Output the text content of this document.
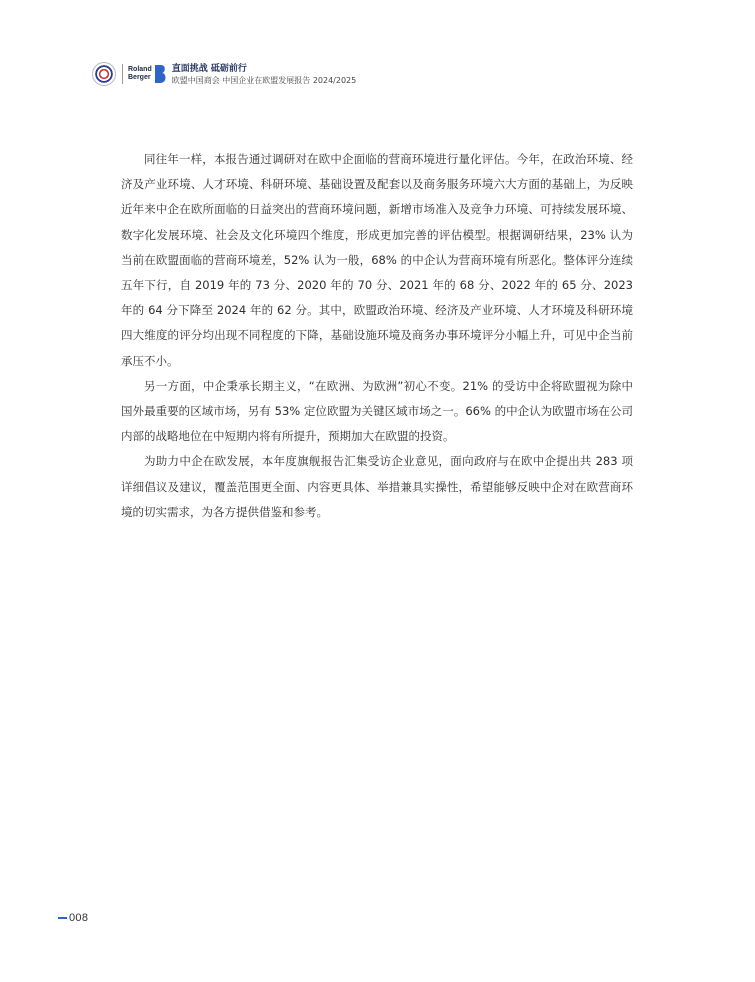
Roland
Berger
直面挑战 砥砺前行
欧盟中国商会 中国企业在欧盟发展报告 2024/2025

同往年一样，本报告通过调研对在欧中企面临的营商环境进行量化评估。今年，在政治环境、经济及产业环境、人才环境、科研环境、基础设置及配套以及商务服务环境六大方面的基础上，为反映近年来中企在欧所面临的日益突出的营商环境问题，新增市场准入及竞争力环境、可持续发展环境、数字化发展环境、社会及文化环境四个维度，形成更加完善的评估模型。根据调研结果，23% 认为当前在欧盟面临的营商环境差，52% 认为一般，68% 的中企认为营商环境有所恶化。整体评分连续五年下行，自 2019 年的 73 分、2020 年的 70 分、2021 年的 68 分、2022 年的 65 分、2023 年的 64 分下降至 2024 年的 62 分。其中，欧盟政治环境、经济及产业环境、人才环境及科研环境四大维度的评分均出现不同程度的下降，基础设施环境及商务办事环境评分小幅上升，可见中企当前承压不小。

另一方面，中企秉承长期主义，“在欧洲、为欧洲”初心不变。21% 的受访中企将欧盟视为除中国外最重要的区域市场，另有 53% 定位欧盟为关键区域市场之一。66% 的中企认为欧盟市场在公司内部的战略地位在中短期内将有所提升，预期加大在欧盟的投资。

为助力中企在欧发展，本年度旗舰报告汇集受访企业意见，面向政府与在欧中企提出共 283 项详细倡议及建议，覆盖范围更全面、内容更具体、举措兼具实操性，希望能够反映中企对在欧营商环境的切实需求，为各方提供借鉴和参考。

008
